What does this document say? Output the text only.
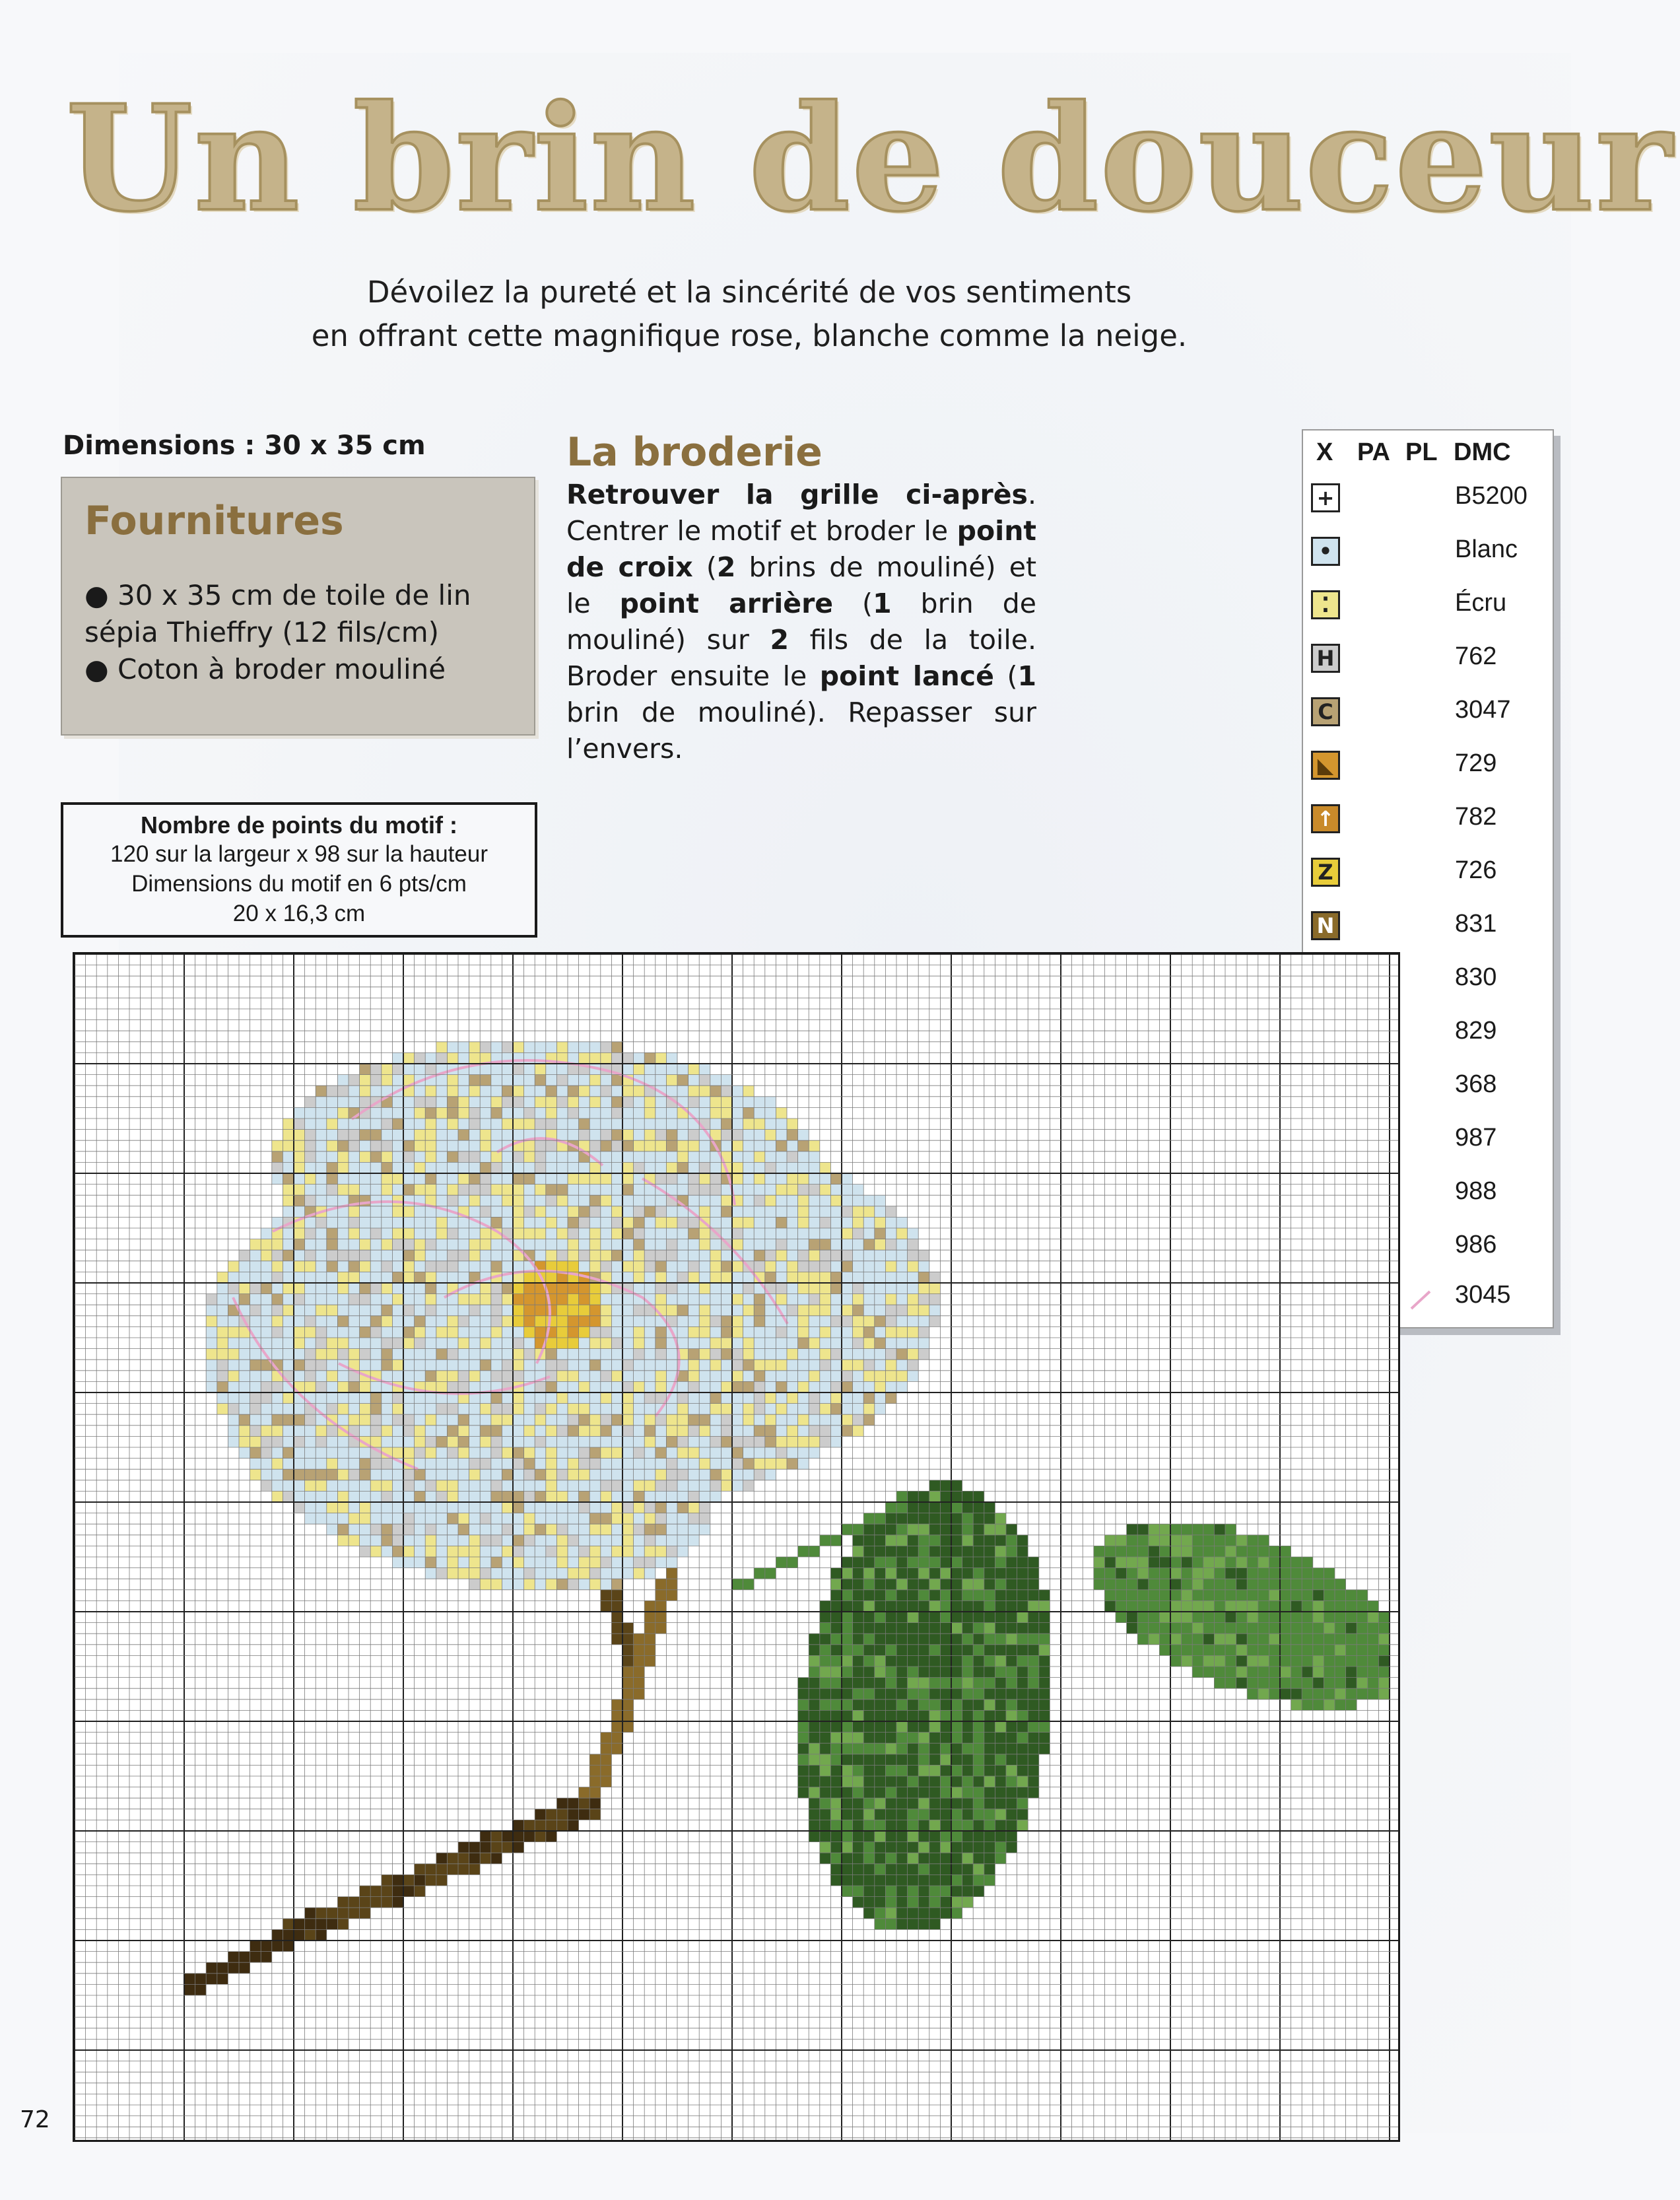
Un brin de douceur
Dévoilez la pureté et la sincérité de vos sentiments
en offrant cette magnifique rose, blanche comme la neige.
Dimensions : 30 x 35 cm
Fournitures
● 30 x 35 cm de toile de lin sépia Thieffry (12 fils/cm)
● Coton à broder mouliné
Nombre de points du motif :
120 sur la largeur x 98 sur la hauteur
Dimensions du motif en 6 pts/cm
20 x 16,3 cm
La broderie
Retrouver la grille ci-après. Centrer le motif et broder le point de croix (2 brins de mouliné) et le point arrière (1 brin de mouliné) sur 2 fils de la toile. Broder ensuite le point lancé (1 brin de mouliné). Repasser sur l’envers.
X PA PL DMC
+	B5200
•	Blanc
⁚	Écru
H	762
C	3047
◣	729
↑	782
Z	726
N	831
830
829
368
987
988
986
3045
72
